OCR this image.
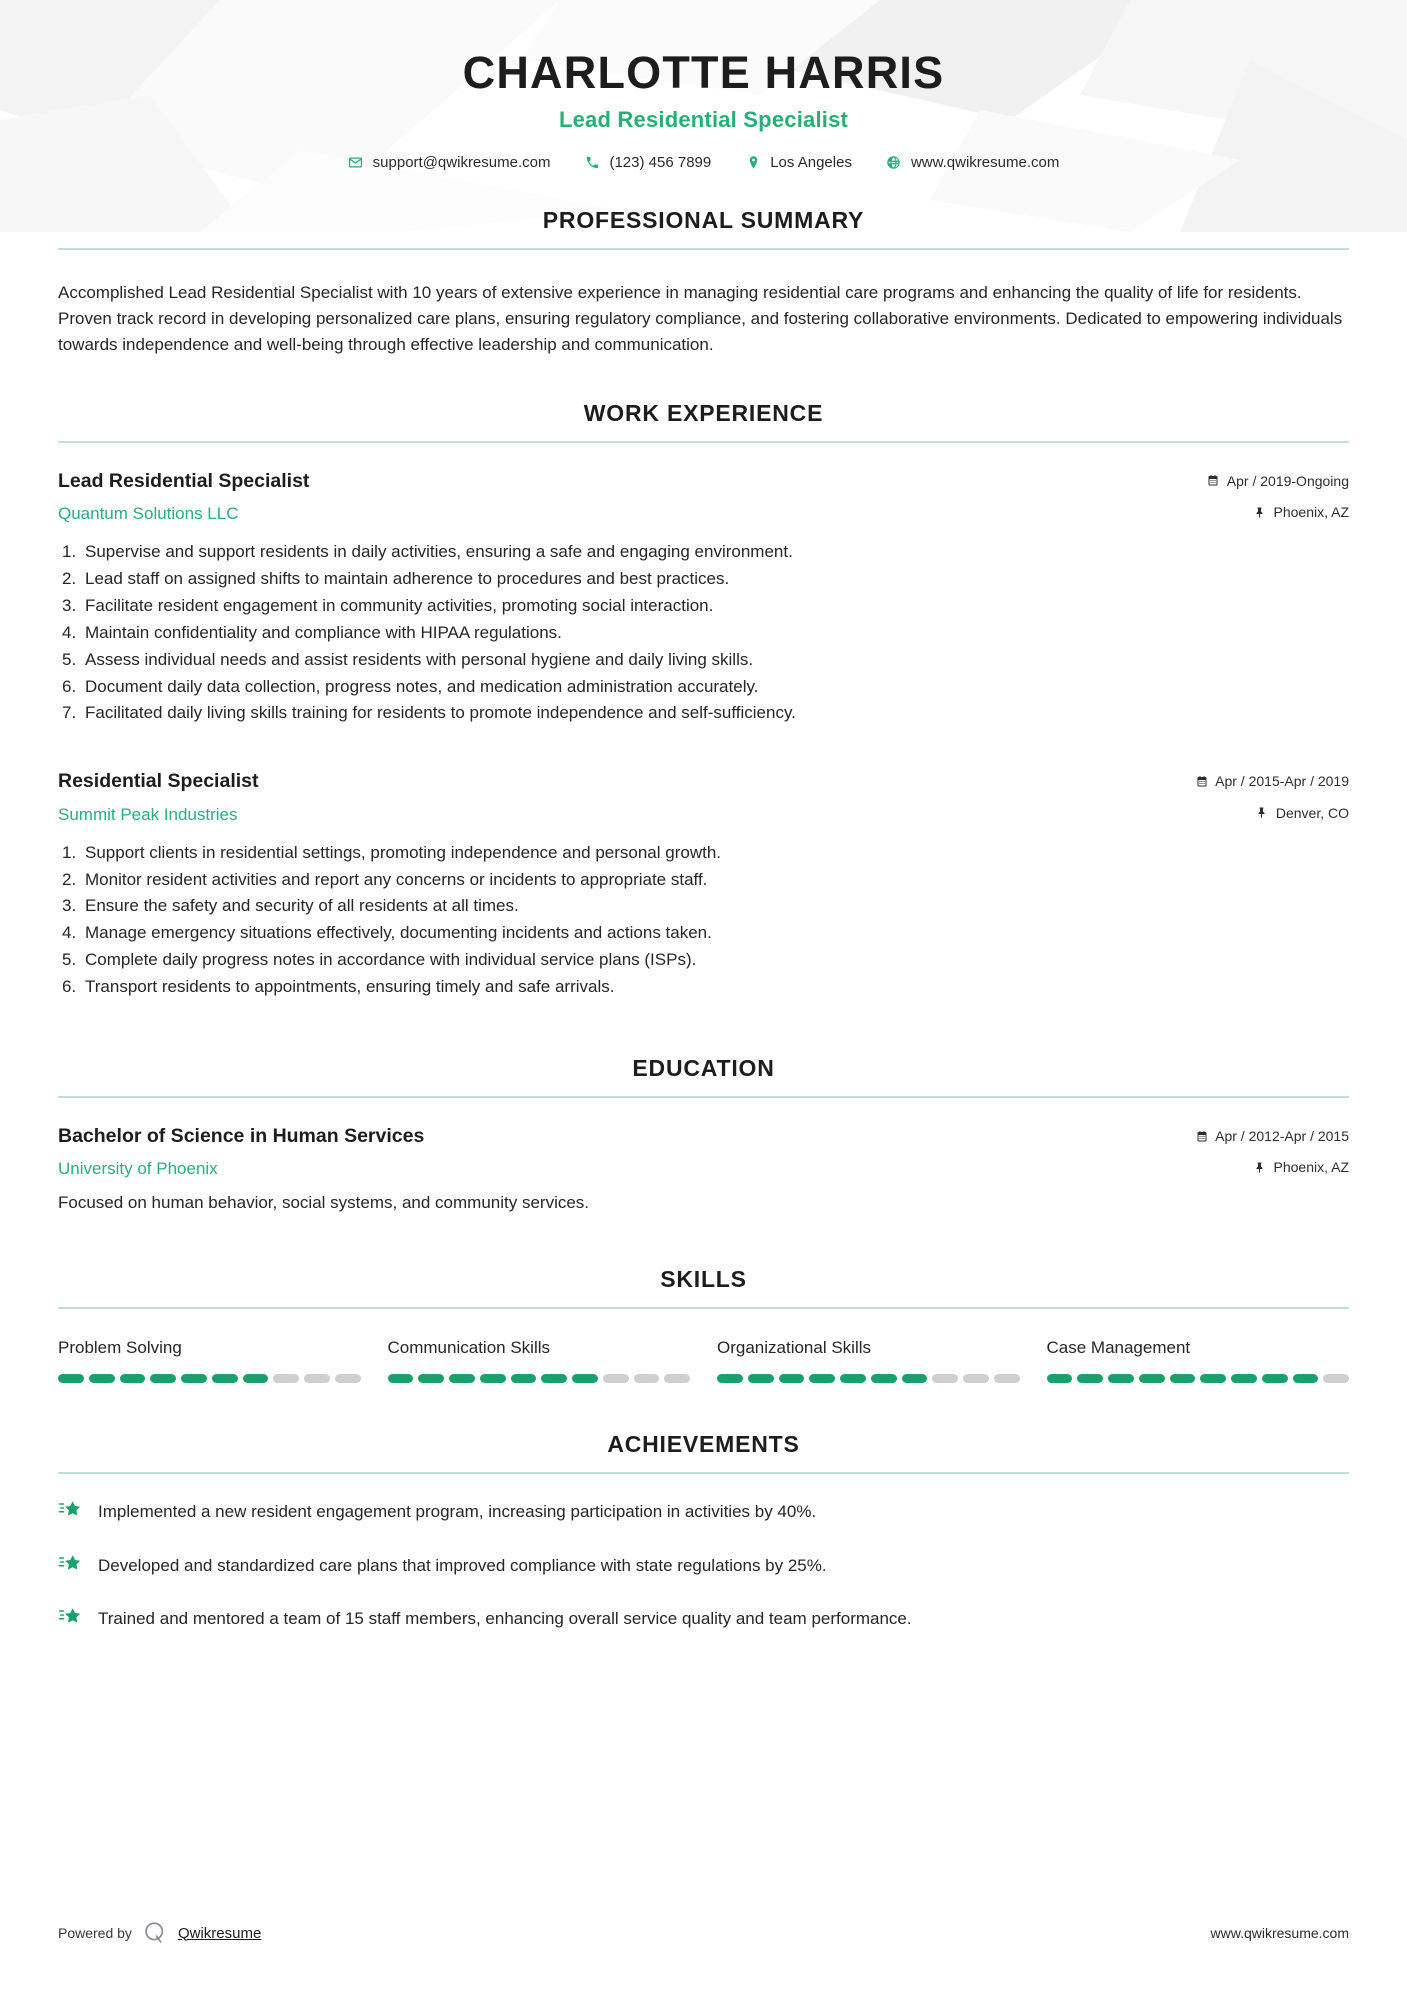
CHARLOTTE HARRIS
Lead Residential Specialist
support@qwikresume.com	(123) 456 7899	Los Angeles	www.qwikresume.com
PROFESSIONAL SUMMARY

Accomplished Lead Residential Specialist with 10 years of extensive experience in managing residential care programs and enhancing the quality of life for residents. Proven track record in developing personalized care plans, ensuring regulatory compliance, and fostering collaborative environments. Dedicated to empowering individuals towards independence and well-being through effective leadership and communication.

WORK EXPERIENCE
Lead Residential Specialist
Quantum Solutions LLC
Apr / 2019-Ongoing
Phoenix, AZ
1. Supervise and support residents in daily activities, ensuring a safe and engaging environment.
2. Lead staff on assigned shifts to maintain adherence to procedures and best practices.
3. Facilitate resident engagement in community activities, promoting social interaction.
4. Maintain confidentiality and compliance with HIPAA regulations.
5. Assess individual needs and assist residents with personal hygiene and daily living skills.
6. Document daily data collection, progress notes, and medication administration accurately.
7. Facilitated daily living skills training for residents to promote independence and self-sufficiency.
Residential Specialist
Summit Peak Industries
Apr / 2015-Apr / 2019
Denver, CO
1. Support clients in residential settings, promoting independence and personal growth.
2. Monitor resident activities and report any concerns or incidents to appropriate staff.
3. Ensure the safety and security of all residents at all times.
4. Manage emergency situations effectively, documenting incidents and actions taken.
5. Complete daily progress notes in accordance with individual service plans (ISPs).
6. Transport residents to appointments, ensuring timely and safe arrivals.
EDUCATION
Bachelor of Science in Human Services
University of Phoenix
Apr / 2012-Apr / 2015
Phoenix, AZ
Focused on human behavior, social systems, and community services.
SKILLS
Problem Solving	Communication Skills	Organizational Skills	Case Management
ACHIEVEMENTS
Implemented a new resident engagement program, increasing participation in activities by 40%.
Developed and standardized care plans that improved compliance with state regulations by 25%.
Trained and mentored a team of 15 staff members, enhancing overall service quality and team performance.
Powered by	Qwikresume	www.qwikresume.com
